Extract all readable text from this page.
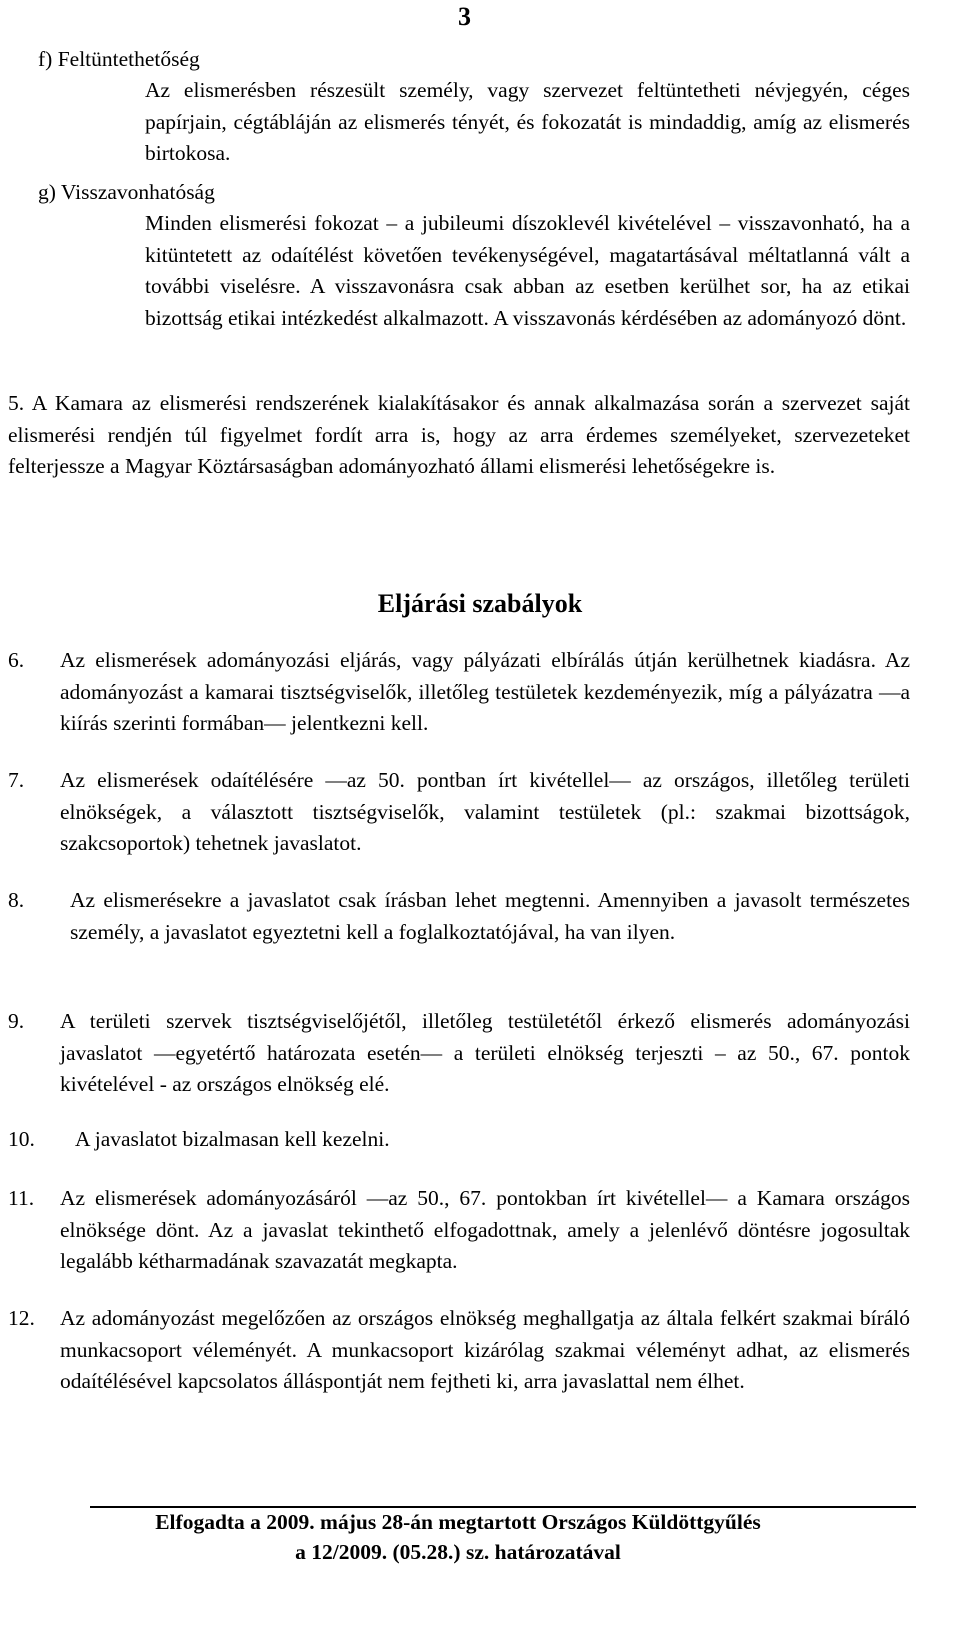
3
f) Feltüntethetőség

Az elismerésben részesült személy, vagy szervezet feltüntetheti névjegyén, céges papírjain, cégtábláján az elismerés tényét, és fokozatát is mindaddig, amíg az elismerés birtokosa.

g) Visszavonhatóság

Minden elismerési fokozat – a jubileumi díszoklevél kivételével – visszavonható, ha a kitüntetett az odaítélést követően tevékenységével, magatartásával méltatlanná vált a további viselésre. A visszavonásra csak abban az esetben kerülhet sor, ha az etikai bizottság etikai intézkedést alkalmazott. A visszavonás kérdésében az adományozó dönt.

5. A Kamara az elismerési rendszerének kialakításakor és annak alkalmazása során a szervezet saját elismerési rendjén túl figyelmet fordít arra is, hogy az arra érdemes személyeket, szervezeteket felterjessze a Magyar Köztársaságban adományozható állami elismerési lehetőségekre is.

Eljárási szabályok
6. Az elismerések adományozási eljárás, vagy pályázati elbírálás útján kerülhetnek kiadásra. Az adományozást a kamarai tisztségviselők, illetőleg testületek kezdeményezik, míg a pályázatra ―a kiírás szerinti formában― jelentkezni kell.

7. Az elismerések odaítélésére ―az 50. pontban írt kivétellel― az országos, illetőleg területi elnökségek, a választott tisztségviselők, valamint testületek (pl.: szakmai bizottságok, szakcsoportok) tehetnek javaslatot.

8. Az elismerésekre a javaslatot csak írásban lehet megtenni. Amennyiben a javasolt természetes személy, a javaslatot egyeztetni kell a foglalkoztatójával, ha van ilyen.

9. A területi szervek tisztségviselőjétől, illetőleg testületétől érkező elismerés adományozási javaslatot ―egyetértő határozata esetén― a területi elnökség terjeszti – az 50., 67. pontok kivételével - az országos elnökség elé.

10. A javaslatot bizalmasan kell kezelni.

11. Az elismerések adományozásáról ―az 50., 67. pontokban írt kivétellel― a Kamara országos elnöksége dönt. Az a javaslat tekinthető elfogadottnak, amely a jelenlévő döntésre jogosultak legalább kétharmadának szavazatát megkapta.

12. Az adományozást megelőzően az országos elnökség meghallgatja az általa felkért szakmai bíráló munkacsoport véleményét. A munkacsoport kizárólag szakmai véleményt adhat, az elismerés odaítélésével kapcsolatos álláspontját nem fejtheti ki, arra javaslattal nem élhet.

Elfogadta a 2009. május 28-án megtartott Országos Küldöttgyűlés
a 12/2009. (05.28.) sz. határozatával
